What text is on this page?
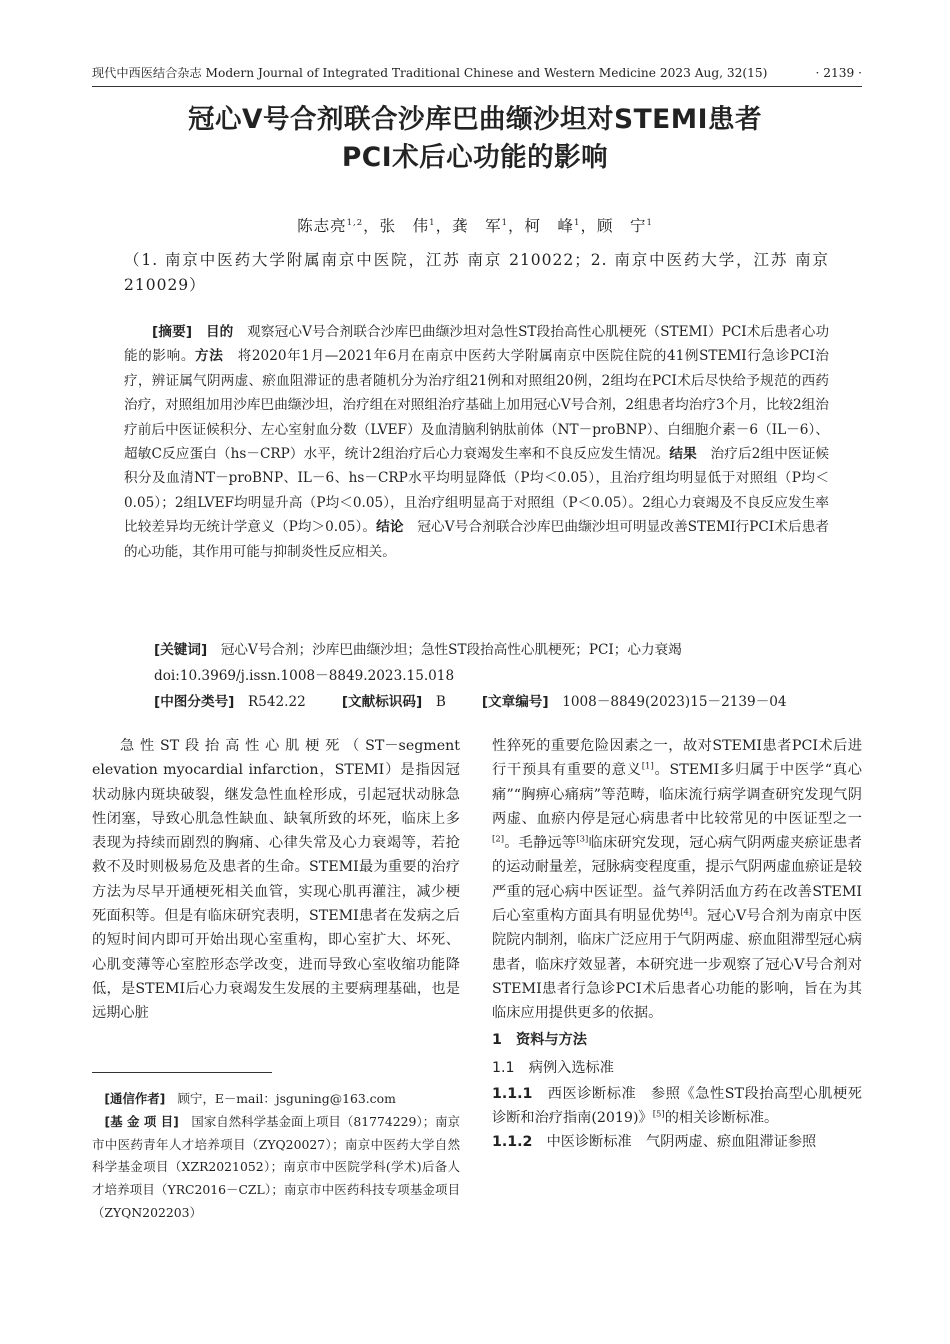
现代中西医结合杂志 Modern Journal of Integrated Traditional Chinese and Western Medicine 2023 Aug, 32(15)	· 2139 ·
冠心Ⅴ号合剂联合沙库巴曲缬沙坦对STEMI患者
PCI术后心功能的影响
陈志亮$^{1,2}$，张　伟$^1$，龚　军$^1$，柯　峰$^1$，顾　宁$^1$
（1. 南京中医药大学附属南京中医院，江苏 南京 210022；2. 南京中医药大学，江苏 南京 210029）
[摘要]　 目的　 观察冠心Ⅴ号合剂联合沙库巴曲缬沙坦对急性ST段抬高性心肌梗死（STEMI）PCI术后患者心功能的影响。方法　 将2020年1月—2021年6月在南京中医药大学附属南京中医院住院的41例STEMI行急诊PCI治疗，辨证属气阴两虚、瘀血阻滞证的患者随机分为治疗组21例和对照组20例，2组均在PCI术后尽快给予规范的西药治疗，对照组加用沙库巴曲缬沙坦，治疗组在对照组治疗基础上加用冠心Ⅴ号合剂，2组患者均治疗3个月，比较2组治疗前后中医证候积分、左心室射血分数（LVEF）及血清脑利钠肽前体（NT－proBNP）、白细胞介素－6（IL－6）、超敏C反应蛋白（hs－CRP）水平，统计2组治疗后心力衰竭发生率和不良反应发生情况。结果　 治疗后2组中医证候积分及血清NT－proBNP、IL－6、hs－CRP水平均明显降低（P均＜0.05），且治疗组均明显低于对照组（P均＜0.05）；2组LVEF均明显升高（P均＜0.05），且治疗组明显高于对照组（P＜0.05）。2组心力衰竭及不良反应发生率比较差异均无统计学意义（P均＞0.05）。结论　 冠心Ⅴ号合剂联合沙库巴曲缬沙坦可明显改善STEMI行PCI术后患者的心功能，其作用可能与抑制炎性反应相关。
[关键词]　 冠心Ⅴ号合剂；沙库巴曲缬沙坦；急性ST段抬高性心肌梗死；PCI；心力衰竭
doi:10.3969/j.issn.1008－8849.2023.15.018
[中图分类号]　 R542.22	[文献标识码]　 B	[文章编号]　 1008－8849(2023)15－2139－04
急性ST段抬高性心肌梗死（ST－segment elevation myocardial infarction，STEMI）是指因冠状动脉内斑块破裂，继发急性血栓形成，引起冠状动脉急性闭塞，导致心肌急性缺血、缺氧所致的坏死，临床上多表现为持续而剧烈的胸痛、心律失常及心力衰竭等，若抢救不及时则极易危及患者的生命。STEMI最为重要的治疗方法为尽早开通梗死相关血管，实现心肌再灌注，减少梗死面积等。但是有临床研究表明，STEMI患者在发病之后的短时间内即可开始出现心室重构，即心室扩大、坏死、心肌变薄等心室腔形态学改变，进而导致心室收缩功能降低，是STEMI后心力衰竭发生发展的主要病理基础，也是远期心脏

性猝死的重要危险因素之一，故对STEMI患者PCI术后进行干预具有重要的意义[1]。STEMI多归属于中医学“真心痛”“胸痹心痛病”等范畴，临床流行病学调查研究发现气阴两虚、血瘀内停是冠心病患者中比较常见的中医证型之一[2]。毛静远等[3]临床研究发现，冠心病气阴两虚夹瘀证患者的运动耐量差，冠脉病变程度重，提示气阴两虚血瘀证是较严重的冠心病中医证型。益气养阴活血方药在改善STEMI后心室重构方面具有明显优势[4]。冠心Ⅴ号合剂为南京中医院院内制剂，临床广泛应用于气阴两虚、瘀血阻滞型冠心病患者，临床疗效显著，本研究进一步观察了冠心Ⅴ号合剂对STEMI患者行急诊PCI术后患者心功能的影响，旨在为其临床应用提供更多的依据。

1　资料与方法

1.1　病例入选标准

1.1.1　 西医诊断标准　 参照《急性ST段抬高型心肌梗死诊断和治疗指南(2019)》[5]的相关诊断标准。

1.1.2　 中医诊断标准　 气阴两虚、瘀血阻滞证参照

　[通信作者]　 顾宁，E－mail：jsguning@163.com

　[基 金 项 目]　 国家自然科学基金面上项目（81774229）；南京市中医药青年人才培养项目（ZYQ20027）；南京中医药大学自然科学基金项目（XZR2021052）；南京市中医院学科(学术)后备人才培养项目（YRC2016－CZL）；南京市中医药科技专项基金项目（ZYQN202203）
